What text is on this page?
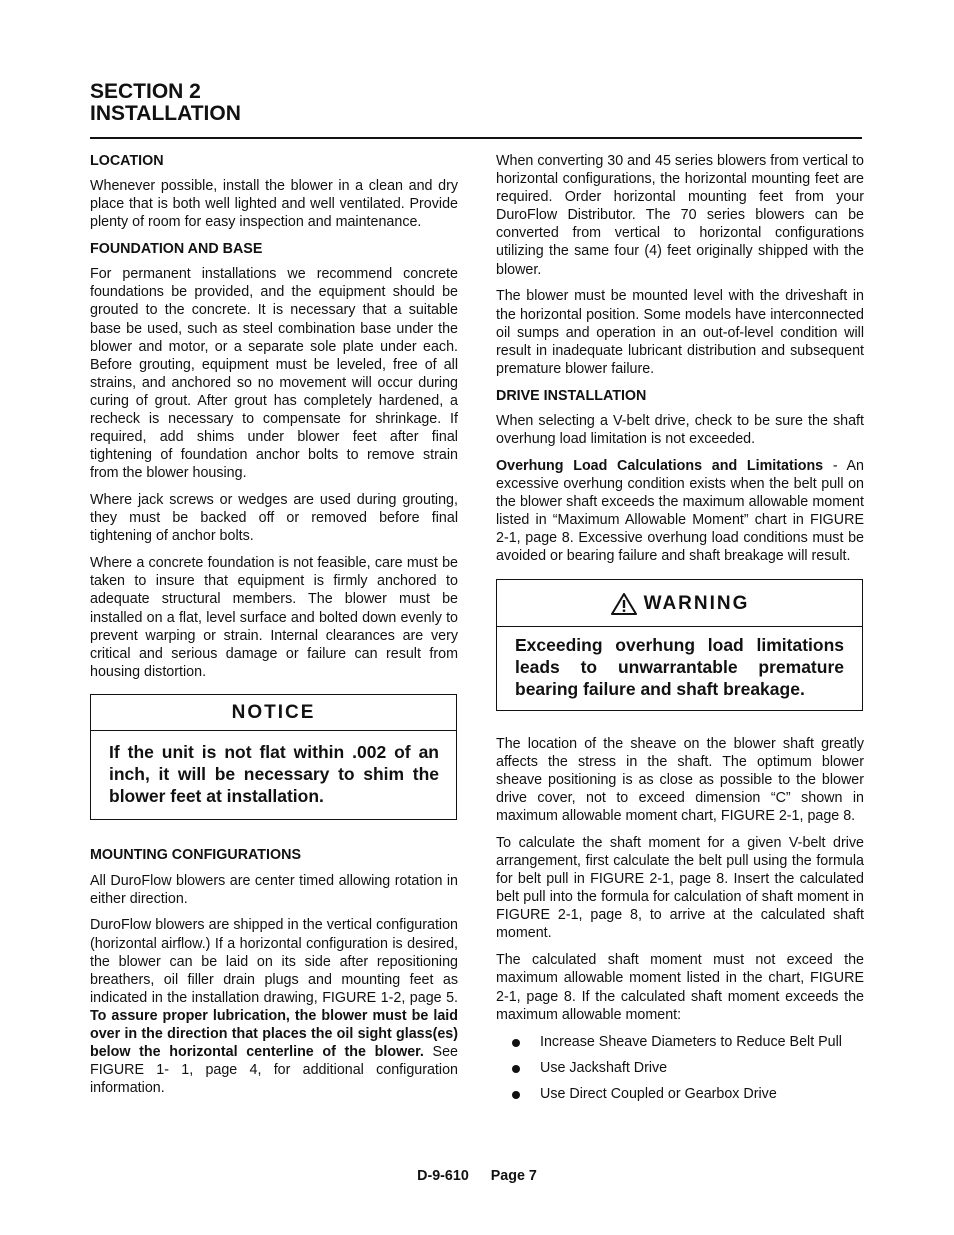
SECTION 2
INSTALLATION
LOCATION

Whenever possible, install the blower in a clean and dry place that is both well lighted and well ventilated. Provide plenty of room for easy inspection and maintenance.

FOUNDATION AND BASE

For permanent installations we recommend concrete foundations be provided, and the equipment should be grouted to the concrete. It is necessary that a suitable base be used, such as steel combination base under the blower and motor, or a separate sole plate under each. Before grouting, equipment must be leveled, free of all strains, and anchored so no movement will occur during curing of grout. After grout has completely hardened, a recheck is necessary to compensate for shrinkage. If required, add shims under blower feet after final tightening of foundation anchor bolts to remove strain from the blower housing.

Where jack screws or wedges are used during grouting, they must be backed off or removed before final tightening of anchor bolts.

Where a concrete foundation is not feasible, care must be taken to insure that equipment is firmly anchored to adequate structural members. The blower must be installed on a flat, level surface and bolted down evenly to prevent warping or strain. Internal clearances are very critical and serious damage or failure can result from housing distortion.

NOTICE
If the unit is not flat within .002 of an inch, it will be necessary to shim the blower feet at installation.
MOUNTING CONFIGURATIONS

All DuroFlow blowers are center timed allowing rotation in either direction.

DuroFlow blowers are shipped in the vertical configuration (horizontal airflow.) If a horizontal configuration is desired, the blower can be laid on its side after repositioning breathers, oil filler drain plugs and mounting feet as indicated in the installation drawing, FIGURE 1-2, page 5. To assure proper lubrication, the blower must be laid over in the direction that places the oil sight glass(es) below the horizontal centerline of the blower. See FIGURE 1- 1, page 4, for additional configuration information.

When converting 30 and 45 series blowers from vertical to horizontal configurations, the horizontal mounting feet are required. Order horizontal mounting feet from your DuroFlow Distributor. The 70 series blowers can be converted from vertical to horizontal configurations utilizing the same four (4) feet originally shipped with the blower.

The blower must be mounted level with the driveshaft in the horizontal position. Some models have interconnected oil sumps and operation in an out-of-level condition will result in inadequate lubricant distribution and subsequent premature blower failure.

DRIVE INSTALLATION

When selecting a V-belt drive, check to be sure the shaft overhung load limitation is not exceeded.

Overhung Load Calculations and Limitations - An excessive overhung condition exists when the belt pull on the blower shaft exceeds the maximum allowable moment listed in “Maximum Allowable Moment” chart in FIGURE 2-1, page 8. Excessive overhung load conditions must be avoided or bearing failure and shaft breakage will result.

WARNING
Exceeding overhung load limitations leads to unwarrantable premature bearing failure and shaft breakage.

The location of the sheave on the blower shaft greatly affects the stress in the shaft. The optimum blower sheave positioning is as close as possible to the blower drive cover, not to exceed dimension “C” shown in maximum allowable moment chart, FIGURE 2-1, page 8.

To calculate the shaft moment for a given V-belt drive arrangement, first calculate the belt pull using the formula for belt pull in FIGURE 2-1, page 8. Insert the calculated belt pull into the formula for calculation of shaft moment in FIGURE 2-1, page 8, to arrive at the calculated shaft moment.

The calculated shaft moment must not exceed the maximum allowable moment listed in the chart, FIGURE 2-1, page 8. If the calculated shaft moment exceeds the maximum allowable moment:

Increase Sheave Diameters to Reduce Belt Pull
Use Jackshaft Drive
Use Direct Coupled or Gearbox Drive
D-9-610 Page 7
